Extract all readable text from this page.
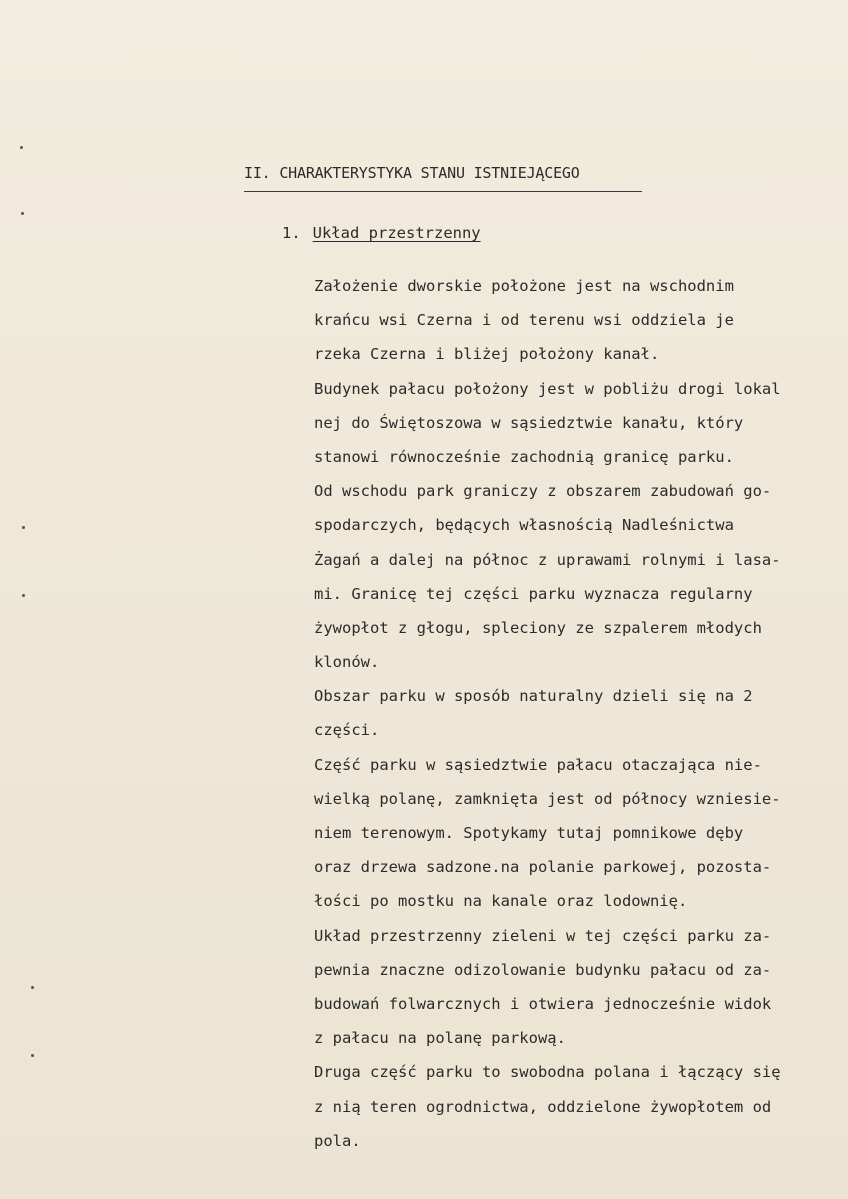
II. CHARAKTERYSTYKA STANU ISTNIEJĄCEGO
1. Układ przestrzenny
Założenie dworskie położone jest na wschodnim
krańcu wsi Czerna i od terenu wsi oddziela je
rzeka Czerna i bliżej położony kanał.
Budynek pałacu położony jest w pobliżu drogi lokal
nej do Świętoszowa w sąsiedztwie kanału, który
stanowi równocześnie zachodnią granicę parku.
Od wschodu park graniczy z obszarem zabudowań go-
spodarczych, będących własnością Nadleśnictwa
Żagań a dalej na północ z uprawami rolnymi i lasa-
mi. Granicę tej części parku wyznacza regularny
żywopłot z głogu, spleciony ze szpalerem młodych
klonów.
Obszar parku w sposób naturalny dzieli się na 2
części.
Część parku w sąsiedztwie pałacu otaczająca nie-
wielką polanę, zamknięta jest od północy wzniesie-
niem terenowym. Spotykamy tutaj pomnikowe dęby
oraz drzewa sadzone.na polanie parkowej, pozosta-
łości po mostku na kanale oraz lodownię.
Układ przestrzenny zieleni w tej części parku za-
pewnia znaczne odizolowanie budynku pałacu od za-
budowań folwarcznych i otwiera jednocześnie widok
z pałacu na polanę parkową.
Druga część parku to swobodna polana i łączący się
z nią teren ogrodnictwa, oddzielone żywopłotem od
pola.
